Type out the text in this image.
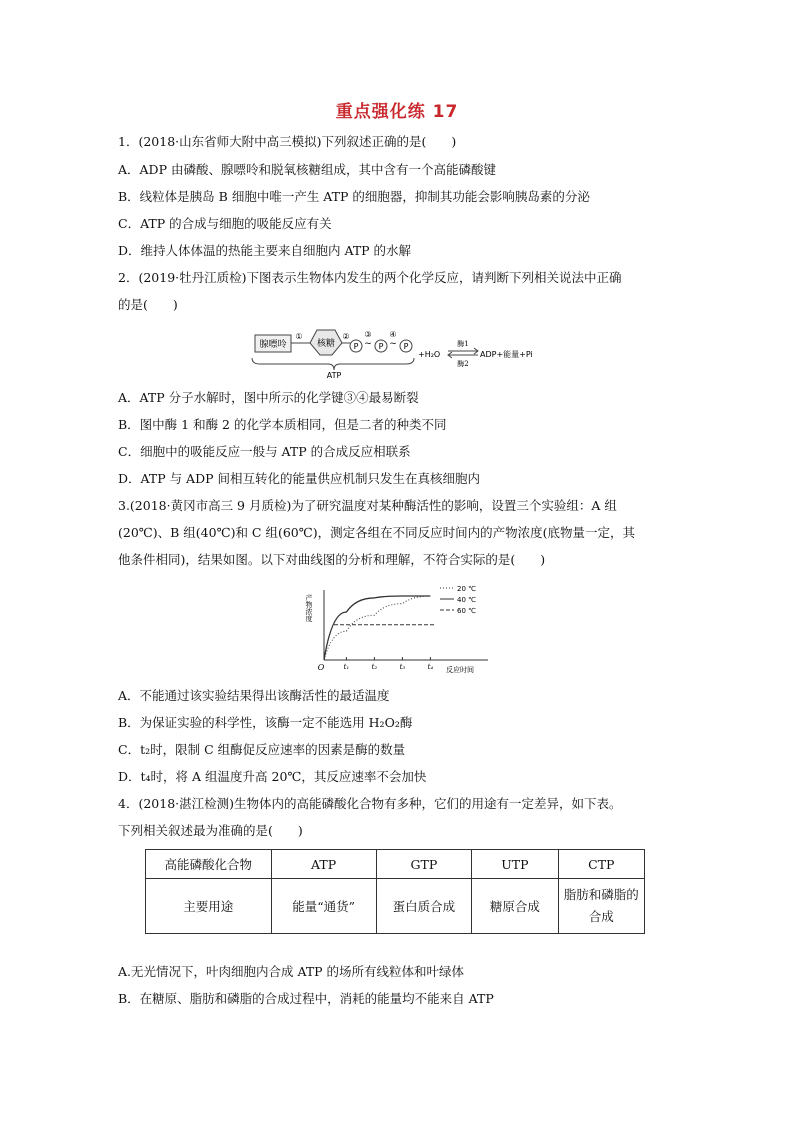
重点强化练 17
1．(2018·山东省师大附中高三模拟)下列叙述正确的是(　　)
A．ADP 由磷酸、腺嘌呤和脱氧核糖组成，其中含有一个高能磷酸键
B．线粒体是胰岛 B 细胞中唯一产生 ATP 的细胞器，抑制其功能会影响胰岛素的分泌
C．ATP 的合成与细胞的吸能反应有关
D．维持人体体温的热能主要来自细胞内 ATP 的水解
2．(2019·牡丹江质检)下图表示生物体内发生的两个化学反应，请判断下列相关说法中正确
的是(　　)
腺嘌呤
①
核糖
②
P ~
③
P ~
④
P
ATP
+H₂O
酶1
酶2
ADP+能量+Pi
A．ATP 分子水解时，图中所示的化学键③④最易断裂
B．图中酶 1 和酶 2 的化学本质相同，但是二者的种类不同
C．细胞中的吸能反应一般与 ATP 的合成反应相联系
D．ATP 与 ADP 间相互转化的能量供应机制只发生在真核细胞内
3.(2018·黄冈市高三 9 月质检)为了研究温度对某种酶活性的影响，设置三个实验组：A 组
(20℃)、B 组(40℃)和 C 组(60℃)，测定各组在不同反应时间内的产物浓度(底物量一定，其
他条件相同)，结果如图。以下对曲线图的分析和理解，不符合实际的是(　　)
t₁	t₂	t₃	t₄
20 ℃
40 ℃
60 ℃
产物浓度
O	反应时间
A．不能通过该实验结果得出该酶活性的最适温度
B．为保证实验的科学性，该酶一定不能选用 H₂O₂酶
C．t₂时，限制 C 组酶促反应速率的因素是酶的数量
D．t₄时，将 A 组温度升高 20℃，其反应速率不会加快
4．(2018·湛江检测)生物体内的高能磷酸化合物有多种，它们的用途有一定差异，如下表。
下列相关叙述最为准确的是(　　)
高能磷酸化合物	ATP	GTP	UTP	CTP
主要用途	能量“通货”	蛋白质合成	糖原合成	脂肪和磷脂的合成
A.无光情况下，叶肉细胞内合成 ATP 的场所有线粒体和叶绿体
B．在糖原、脂肪和磷脂的合成过程中，消耗的能量均不能来自 ATP
